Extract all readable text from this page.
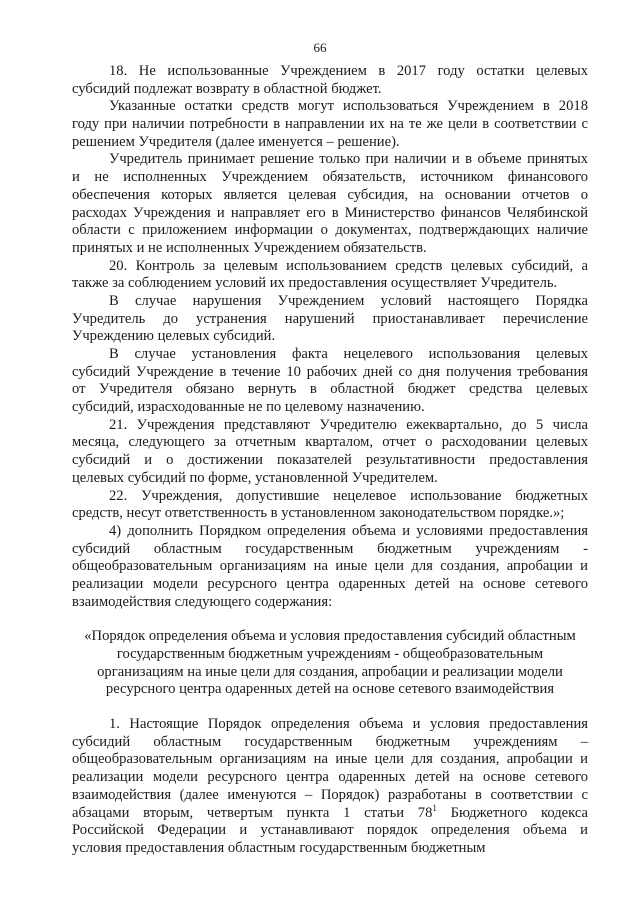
66
18. Не использованные Учреждением в 2017 году остатки целевых
субсидий подлежат возврату в областной бюджет.
Указанные остатки средств могут использоваться Учреждением в 2018
году при наличии потребности в направлении их на те же цели в соответствии с
решением Учредителя (далее именуется – решение).
Учредитель принимает решение только при наличии и в объеме принятых
и не исполненных Учреждением обязательств, источником финансового
обеспечения которых является целевая субсидия, на основании отчетов о
расходах Учреждения и направляет его в Министерство финансов Челябинской
области с приложением информации о документах, подтверждающих наличие
принятых и не исполненных Учреждением обязательств.
20. Контроль за целевым использованием средств целевых субсидий, а
также за соблюдением условий их предоставления осуществляет Учредитель.
В случае нарушения Учреждением условий настоящего Порядка
Учредитель до устранения нарушений приостанавливает перечисление
Учреждению целевых субсидий.
В случае установления факта нецелевого использования целевых
субсидий Учреждение в течение 10 рабочих дней со дня получения требования
от Учредителя обязано вернуть в областной бюджет средства целевых
субсидий, израсходованные не по целевому назначению.
21. Учреждения представляют Учредителю ежеквартально, до 5 числа
месяца, следующего за отчетным кварталом, отчет о расходовании целевых
субсидий и о достижении показателей результативности предоставления
целевых субсидий по форме, установленной Учредителем.
22. Учреждения, допустившие нецелевое использование бюджетных
средств, несут ответственность в установленном законодательством порядке.»;
4) дополнить Порядком определения объема и условиями предоставления
субсидий областным государственным бюджетным учреждениям -
общеобразовательным организациям на иные цели для создания, апробации и
реализации модели ресурсного центра одаренных детей на основе сетевого
взаимодействия следующего содержания:
«Порядок определения объема и условия предоставления субсидий областным
государственным бюджетным учреждениям - общеобразовательным
организациям на иные цели для создания, апробации и реализации модели
ресурсного центра одаренных детей на основе сетевого взаимодействия
1. Настоящие Порядок определения объема и условия предоставления
субсидий областным государственным бюджетным учреждениям –
общеобразовательным организациям на иные цели для создания, апробации и
реализации модели ресурсного центра одаренных детей на основе сетевого
взаимодействия (далее именуются – Порядок) разработаны в соответствии с
абзацами вторым, четвертым пункта 1 статьи $78^1$ Бюджетного кодекса
Российской Федерации и устанавливают порядок определения объема и
условия предоставления областным государственным бюджетным
